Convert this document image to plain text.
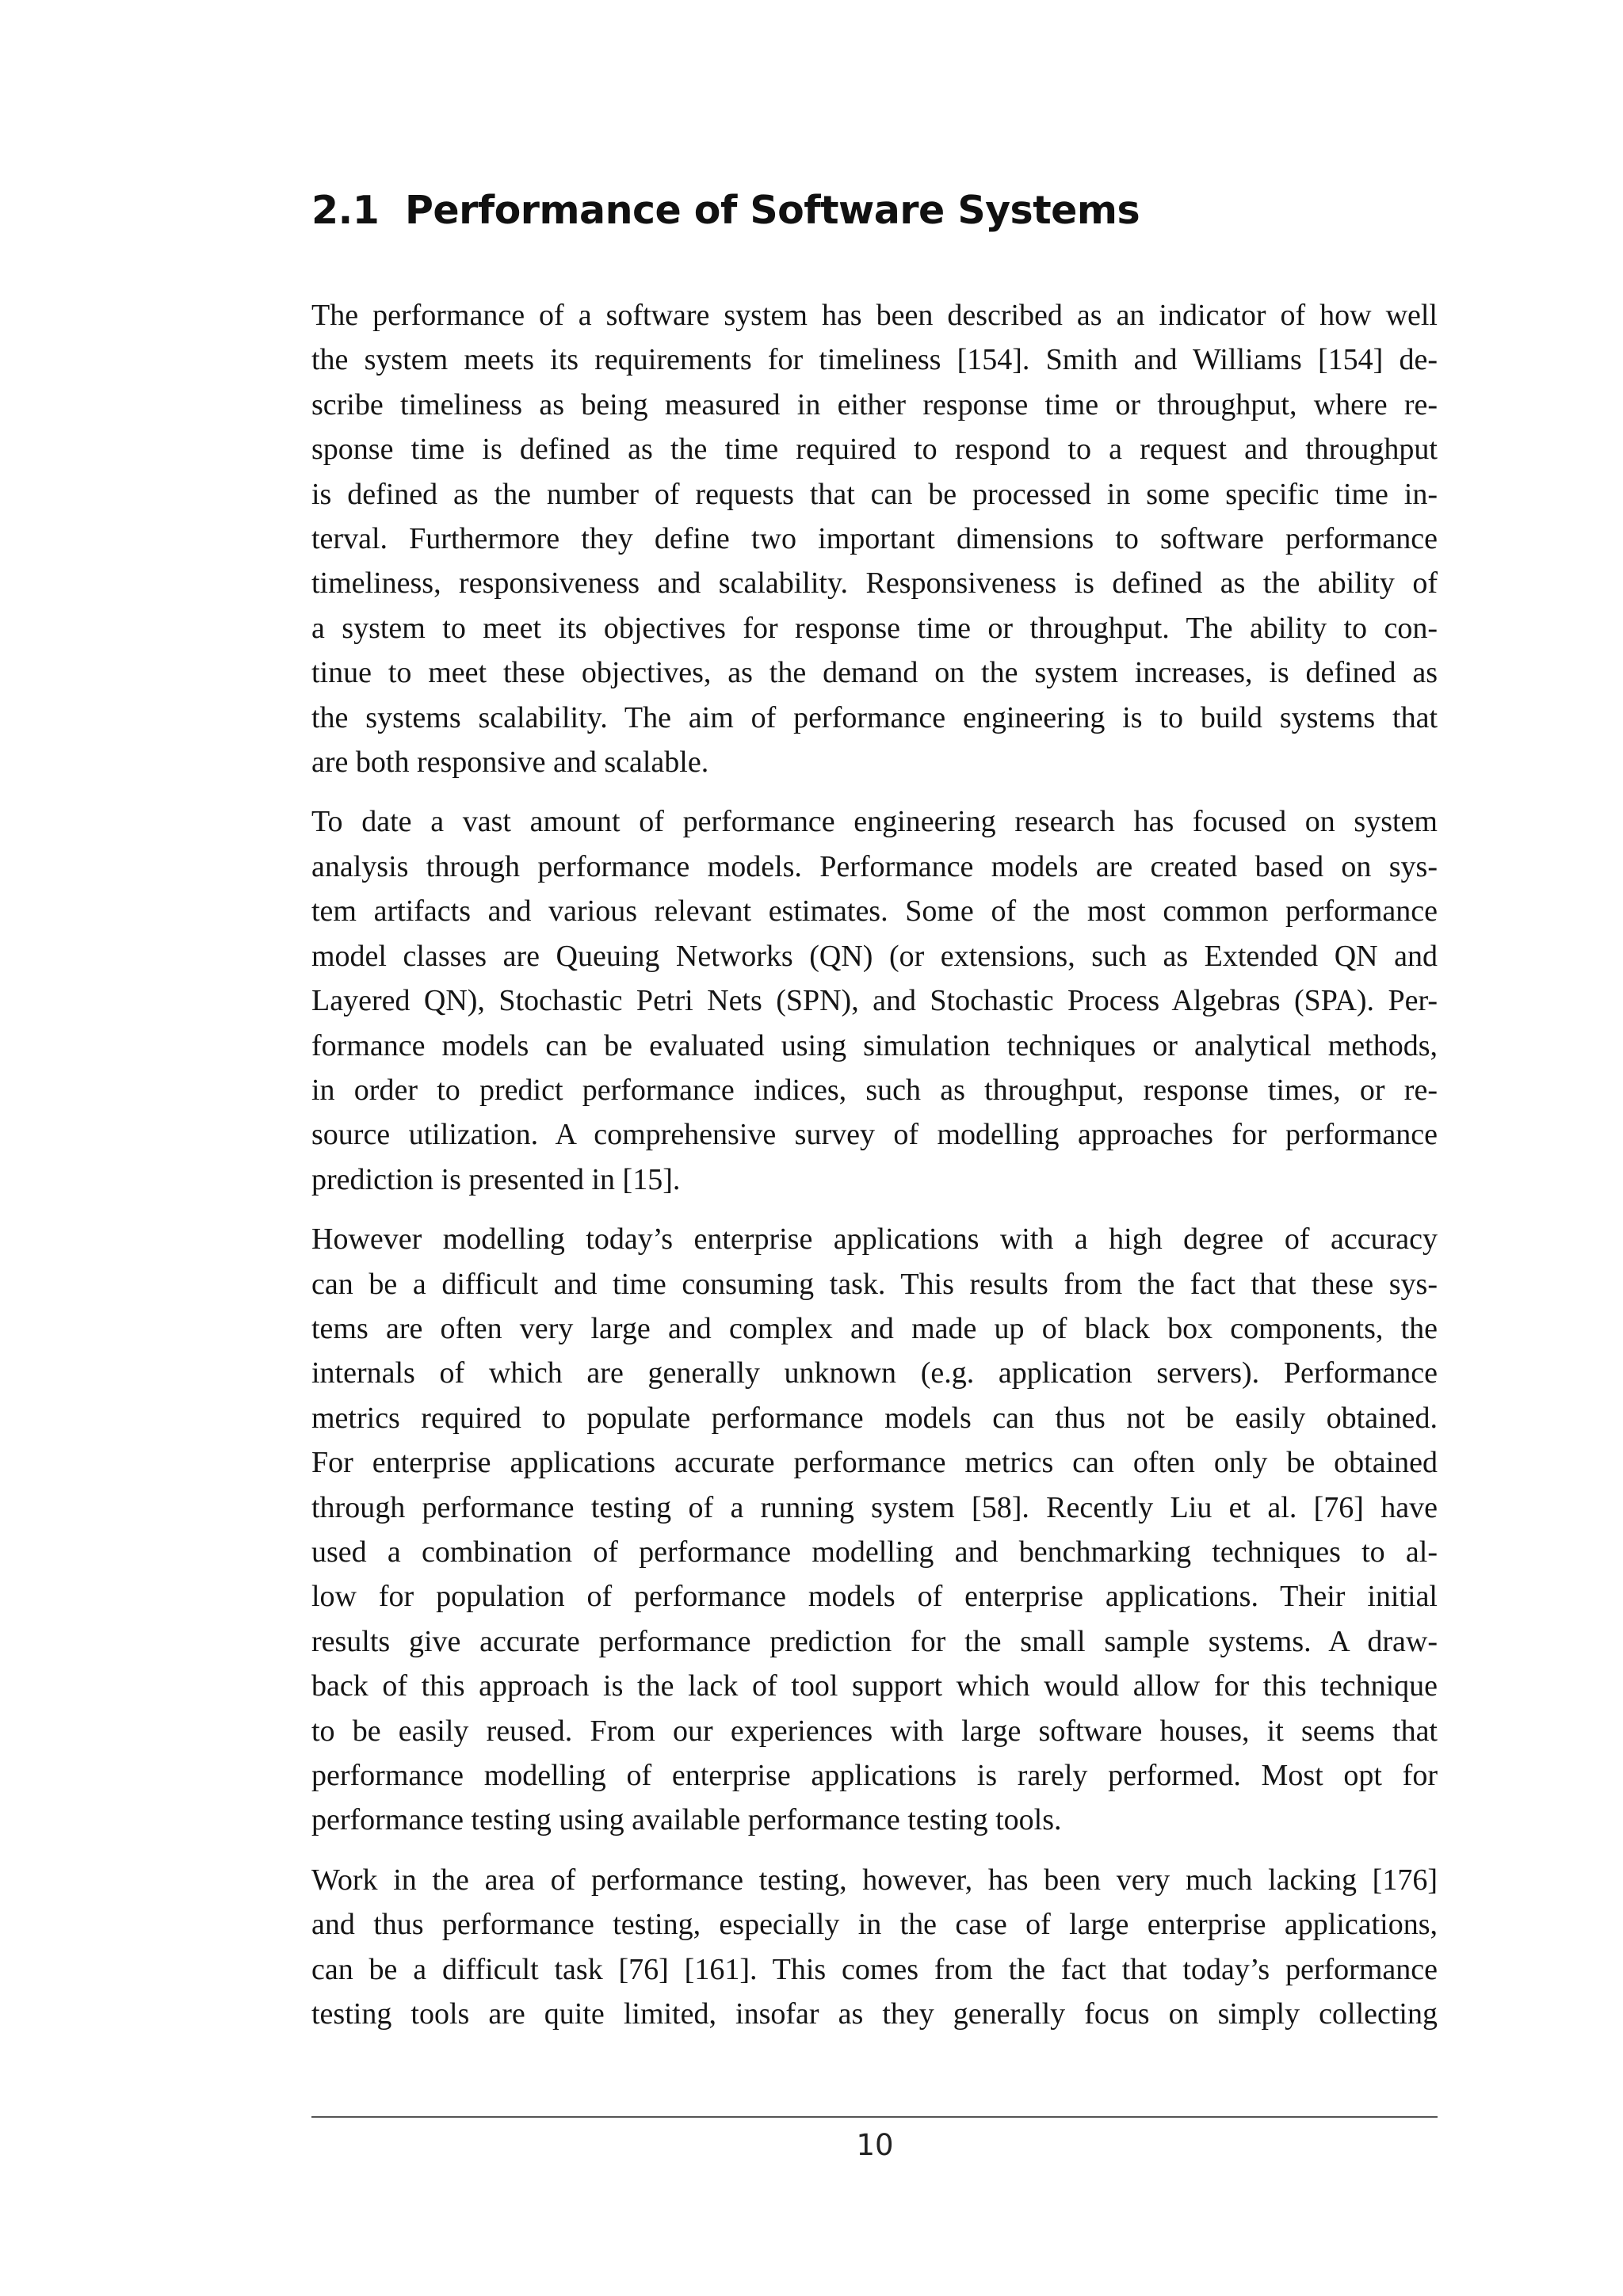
2.1 Performance of Software Systems

The performance of a software system has been described as an indicator of how well
the system meets its requirements for timeliness [154]. Smith and Williams [154] de-
scribe timeliness as being measured in either response time or throughput, where re-
sponse time is defined as the time required to respond to a request and throughput
is defined as the number of requests that can be processed in some specific time in-
terval. Furthermore they define two important dimensions to software performance
timeliness, responsiveness and scalability. Responsiveness is defined as the ability of
a system to meet its objectives for response time or throughput. The ability to con-
tinue to meet these objectives, as the demand on the system increases, is defined as
the systems scalability. The aim of performance engineering is to build systems that
are both responsive and scalable.

To date a vast amount of performance engineering research has focused on system
analysis through performance models. Performance models are created based on sys-
tem artifacts and various relevant estimates. Some of the most common performance
model classes are Queuing Networks (QN) (or extensions, such as Extended QN and
Layered QN), Stochastic Petri Nets (SPN), and Stochastic Process Algebras (SPA). Per-
formance models can be evaluated using simulation techniques or analytical methods,
in order to predict performance indices, such as throughput, response times, or re-
source utilization. A comprehensive survey of modelling approaches for performance
prediction is presented in [15].

However modelling today’s enterprise applications with a high degree of accuracy
can be a difficult and time consuming task. This results from the fact that these sys-
tems are often very large and complex and made up of black box components, the
internals of which are generally unknown (e.g. application servers). Performance
metrics required to populate performance models can thus not be easily obtained.
For enterprise applications accurate performance metrics can often only be obtained
through performance testing of a running system [58]. Recently Liu et al. [76] have
used a combination of performance modelling and benchmarking techniques to al-
low for population of performance models of enterprise applications. Their initial
results give accurate performance prediction for the small sample systems. A draw-
back of this approach is the lack of tool support which would allow for this technique
to be easily reused. From our experiences with large software houses, it seems that
performance modelling of enterprise applications is rarely performed. Most opt for
performance testing using available performance testing tools.

Work in the area of performance testing, however, has been very much lacking [176]
and thus performance testing, especially in the case of large enterprise applications,
can be a difficult task [76] [161]. This comes from the fact that today’s performance
testing tools are quite limited, insofar as they generally focus on simply collecting

10
